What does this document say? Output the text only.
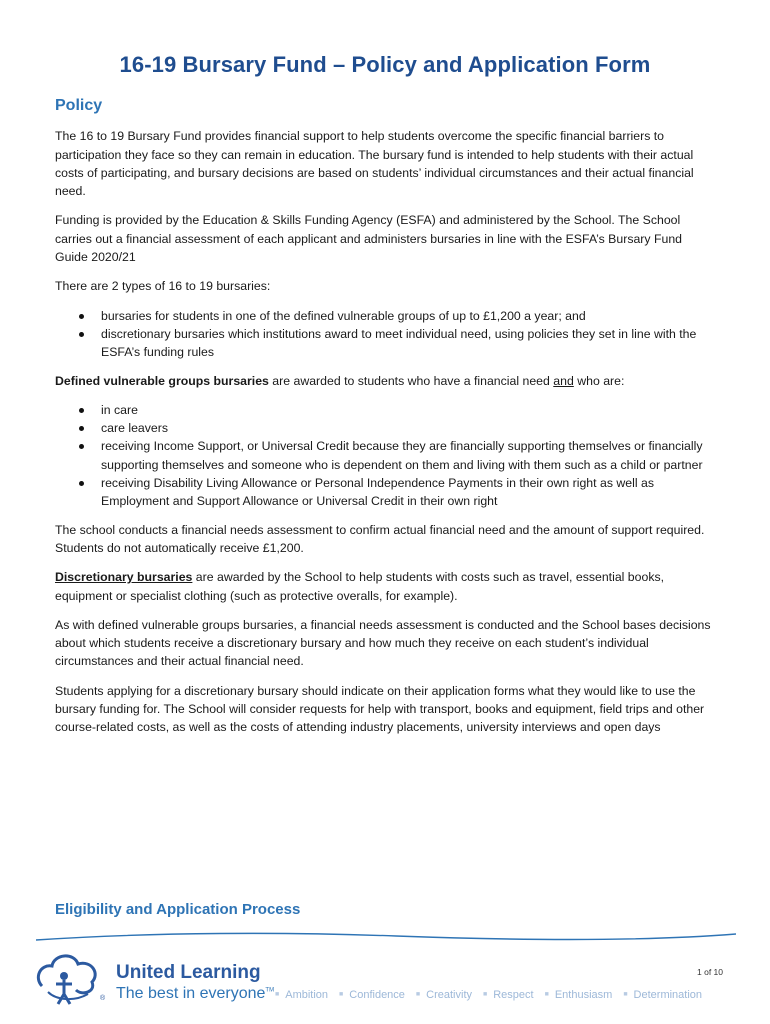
16-19 Bursary Fund – Policy and Application Form
Policy

The 16 to 19 Bursary Fund provides financial support to help students overcome the specific financial barriers to participation they face so they can remain in education. The bursary fund is intended to help students with their actual costs of participating, and bursary decisions are based on students’ individual circumstances and their actual financial need.

Funding is provided by the Education & Skills Funding Agency (ESFA) and administered by the School. The School carries out a financial assessment of each applicant and administers bursaries in line with the ESFA’s Bursary Fund Guide 2020/21

There are 2 types of 16 to 19 bursaries:

bursaries for students in one of the defined vulnerable groups of up to £1,200 a year; and
discretionary bursaries which institutions award to meet individual need, using policies they set in line with the ESFA’s funding rules

Defined vulnerable groups bursaries are awarded to students who have a financial need and who are:

in care
care leavers
receiving Income Support, or Universal Credit because they are financially supporting themselves or financially supporting themselves and someone who is dependent on them and living with them such as a child or partner
receiving Disability Living Allowance or Personal Independence Payments in their own right as well as Employment and Support Allowance or Universal Credit in their own right

The school conducts a financial needs assessment to confirm actual financial need and the amount of support required. Students do not automatically receive £1,200.

Discretionary bursaries are awarded by the School to help students with costs such as travel, essential books, equipment or specialist clothing (such as protective overalls, for example).

As with defined vulnerable groups bursaries, a financial needs assessment is conducted and the School bases decisions about which students receive a discretionary bursary and how much they receive on each student’s individual circumstances and their actual financial need.

Students applying for a discretionary bursary should indicate on their application forms what they would like to use the bursary funding for. The School will consider requests for help with transport, books and equipment, field trips and other course-related costs, as well as the costs of attending industry placements, university interviews and open days

Eligibility and Application Process
®
United Learning
The best in everyone™
1 of 10
■ Ambition	■ Confidence	■ Creativity	■ Respect	■ Enthusiasm	■ Determination
